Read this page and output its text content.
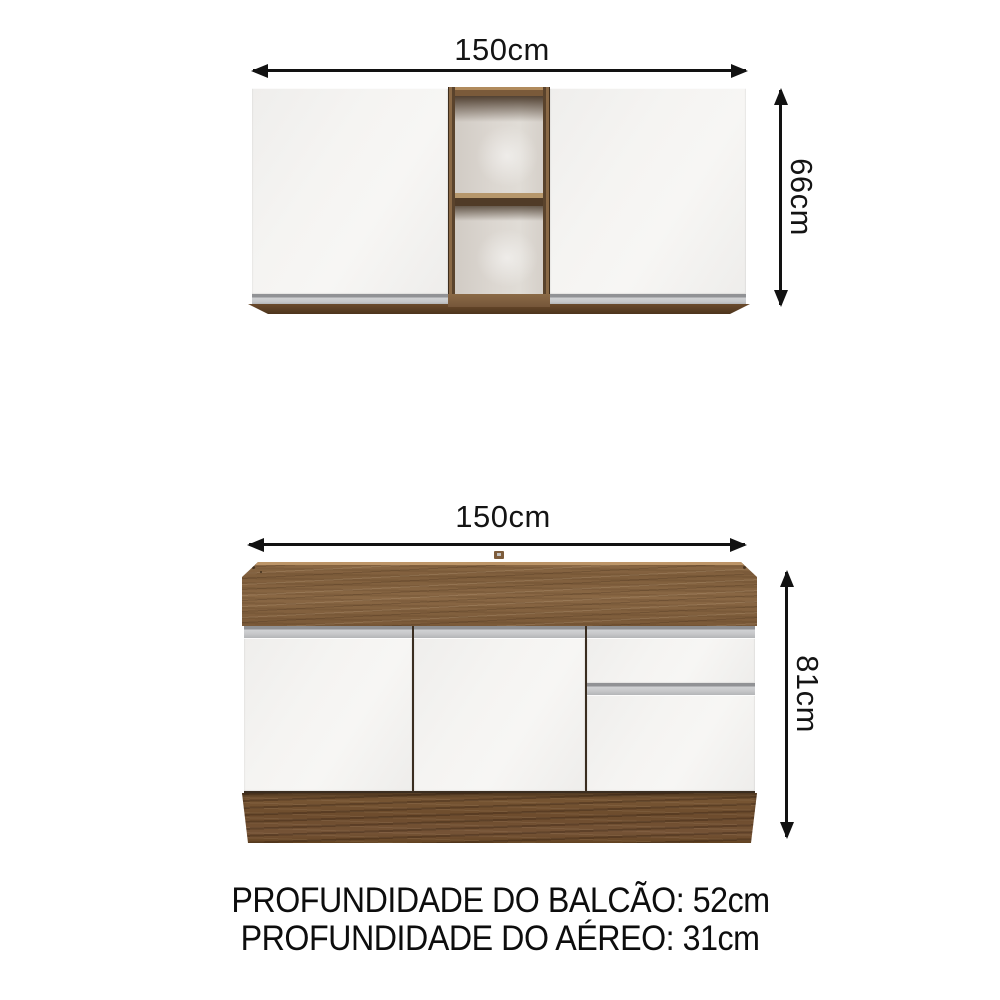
150cm
66cm
150cm
81cm
PROFUNDIDADE DO BALCÃO: 52cm
PROFUNDIDADE DO AÉREO: 31cm
